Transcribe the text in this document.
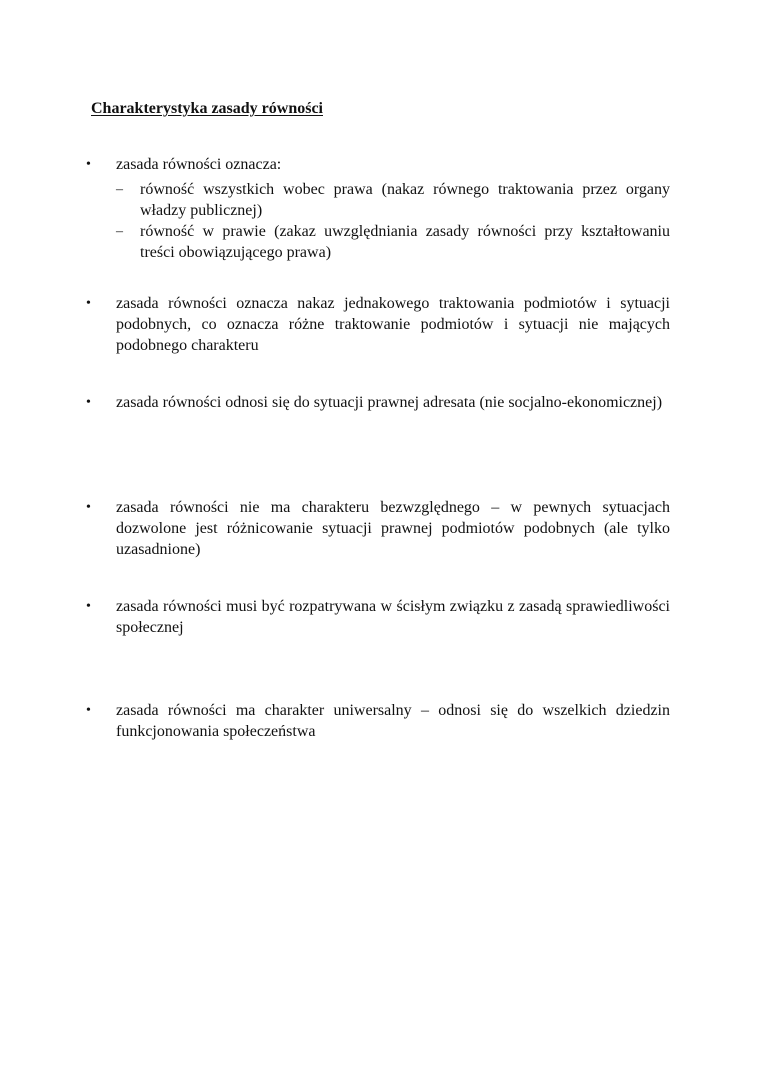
Charakterystyka zasady równości
•	zasada równości oznacza:
– równość wszystkich wobec prawa (nakaz równego traktowania przez organy władzy publicznej)
– równość w prawie (zakaz uwzględniania zasady równości przy kształtowaniu treści obowiązującego prawa)
•	zasada równości oznacza nakaz jednakowego traktowania podmiotów i sytuacji podobnych, co oznacza różne traktowanie podmiotów i sytuacji nie mających podobnego charakteru
•	zasada równości odnosi się do sytuacji prawnej adresata (nie socjalno-ekonomicznej)
•	zasada równości nie ma charakteru bezwzględnego – w pewnych sytuacjach dozwolone jest różnicowanie sytuacji prawnej podmiotów podobnych (ale tylko uzasadnione)
•	zasada równości musi być rozpatrywana w ścisłym związku z zasadą sprawiedliwości społecznej
•	zasada równości ma charakter uniwersalny – odnosi się do wszelkich dziedzin funkcjonowania społeczeństwa
